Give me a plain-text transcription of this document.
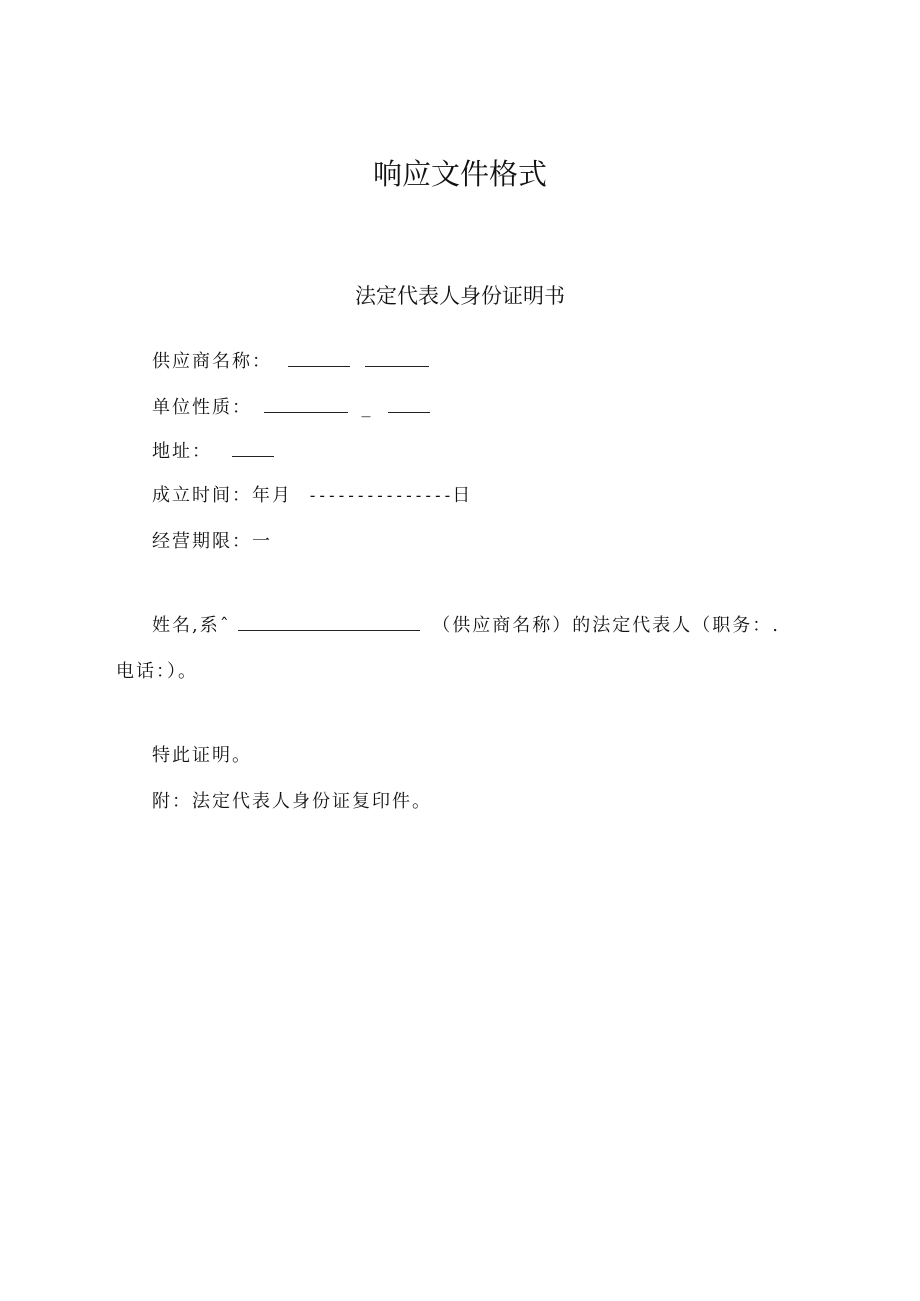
响应文件格式
法定代表人身份证明书
供应商名称：
单位性质：	_
地址：
成立时间：年月 ---------------日
经营期限：一
姓名,系ˆ	（供应商名称）的法定代表人（职务：.
电话：）。
特此证明。
附：法定代表人身份证复印件。
